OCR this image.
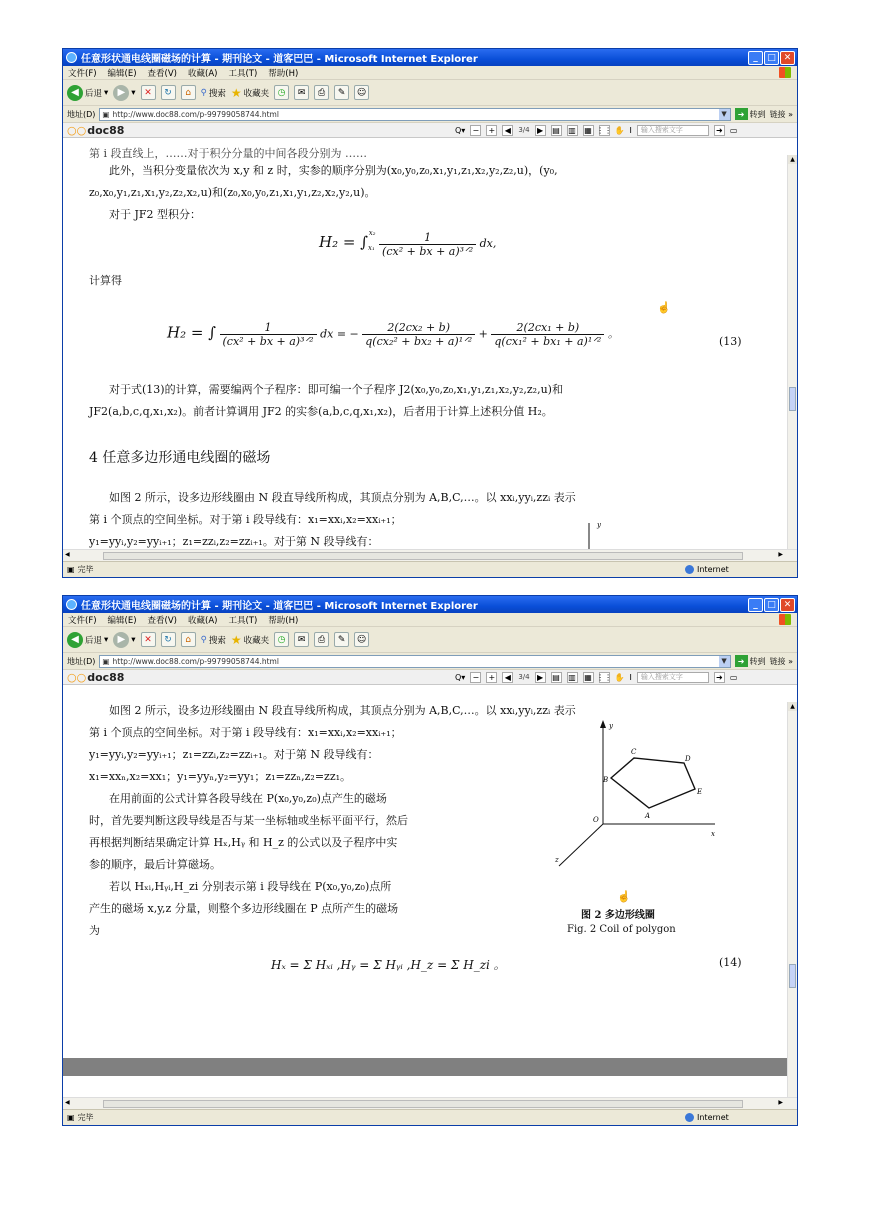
任意形状通电线圈磁场的计算 - 期刊论文 - 道客巴巴 - Microsoft Internet Explorer	_	□ ✕
文件(F) 编辑(E) 查看(V) 收藏(A) 工具(T) 帮助(H)
◀ 后退 ▾ ▶ ▾ ✕	↻	⌂	⚲ 搜索 ★ 收藏夹 ◷	✉	⎙	✎	☺
地址(D) ▣ http://www.doc88.com/p-99799058744.html	▼	➜ 转到 链接 »
○○ doc88	Q▾ − +	◀	3/4 ▶	▤ ▥ ▦ ⋮⋮ ✋ I	输入搜索文字	➜ ▭
第 i 段直线上，……对于积分分量的中间各段分别为 ……
此外，当积分变量依次为 x,y 和 z 时，实参的顺序分别为(x₀,y₀,z₀,x₁,y₁,z₁,x₂,y₂,z₂,u)，(y₀,
z₀,x₀,y₁,z₁,x₁,y₂,z₂,x₂,u)和(z₀,x₀,y₀,z₁,x₁,y₁,z₂,x₂,y₂,u)。
对于 JF2 型积分：
$H_2 = \int_{x_1}^{x_2} \frac{1}{\text{(cx² + bx + a)³ᐟ²}}$ dx,
计算得
☝
H₂ = ∫ $\frac{1}{\text{(cx² + bx + a)³ᐟ²}}$ dx = − $\frac{\text{2(2cx₂ + b)}}{\text{q(cx₂² + bx₂ + a)¹ᐟ²}} + \frac{\text{2(2cx₁ + b)}}{\text{q(cx₁² + bx₁ + a)¹ᐟ²}}$ 。
(13)
对于式(13)的计算，需要编两个子程序：即可编一个子程序 J2(x₀,y₀,z₀,x₁,y₁,z₁,x₂,y₂,z₂,u)和
JF2(a,b,c,q,x₁,x₂)。前者计算调用 JF2 的实参(a,b,c,q,x₁,x₂)，后者用于计算上述积分值 H₂。
4 任意多边形通电线圈的磁场
如图 2 所示，设多边形线圈由 N 段直导线所构成，其顶点分别为 A,B,C,…。以 xxᵢ,yyᵢ,zzᵢ 表示
第 i 个顶点的空间坐标。对于第 i 段导线有：x₁=xxᵢ,x₂=xxᵢ₊₁；
y₁=yyᵢ,y₂=yyᵢ₊₁；z₁=zzᵢ,z₂=zzᵢ₊₁。对于第 N 段导线有：
y
▲
◀	▶
▣ 完毕	Internet
任意形状通电线圈磁场的计算 - 期刊论文 - 道客巴巴 - Microsoft Internet Explorer	_	□ ✕
文件(F) 编辑(E) 查看(V) 收藏(A) 工具(T) 帮助(H)
◀ 后退 ▾ ▶ ▾ ✕	↻	⌂	⚲ 搜索 ★ 收藏夹 ◷	✉	⎙	✎	☺
地址(D) ▣ http://www.doc88.com/p-99799058744.html	▼	➜ 转到 链接 »
○○ doc88	Q▾ − +	◀	3/4 ▶	▤ ▥ ▦ ⋮⋮ ✋ I	输入搜索文字	➜ ▭
如图 2 所示，设多边形线圈由 N 段直导线所构成，其顶点分别为 A,B,C,…。以 xxᵢ,yyᵢ,zzᵢ 表示
第 i 个顶点的空间坐标。对于第 i 段导线有：x₁=xxᵢ,x₂=xxᵢ₊₁；
y₁=yyᵢ,y₂=yyᵢ₊₁；z₁=zzᵢ,z₂=zzᵢ₊₁。对于第 N 段导线有：
x₁=xxₙ,x₂=xx₁；y₁=yyₙ,y₂=yy₁；z₁=zzₙ,z₂=zz₁。
在用前面的公式计算各段导线在 P(x₀,y₀,z₀)点产生的磁场
时，首先要判断这段导线是否与某一坐标轴或坐标平面平行，然后
再根据判断结果确定计算 Hₓ,Hᵧ 和 H_z 的公式以及子程序中实
参的顺序，最后计算磁场。
若以 Hₓᵢ,Hᵧᵢ,H_zi 分别表示第 i 段导线在 P(x₀,y₀,z₀)点所
产生的磁场 x,y,z 分量，则整个多边形线圈在 P 点所产生的磁场
为
y
x
z
O	A
B
C
D
E
☝
图 2 多边形线圈
Fig. 2 Coil of polygon
Hₓ = Σ Hₓᵢ ,Hᵧ = Σ Hᵧᵢ ,H_z = Σ H_zi 。	(14)
▲
◀	▶
▣ 完毕	Internet
